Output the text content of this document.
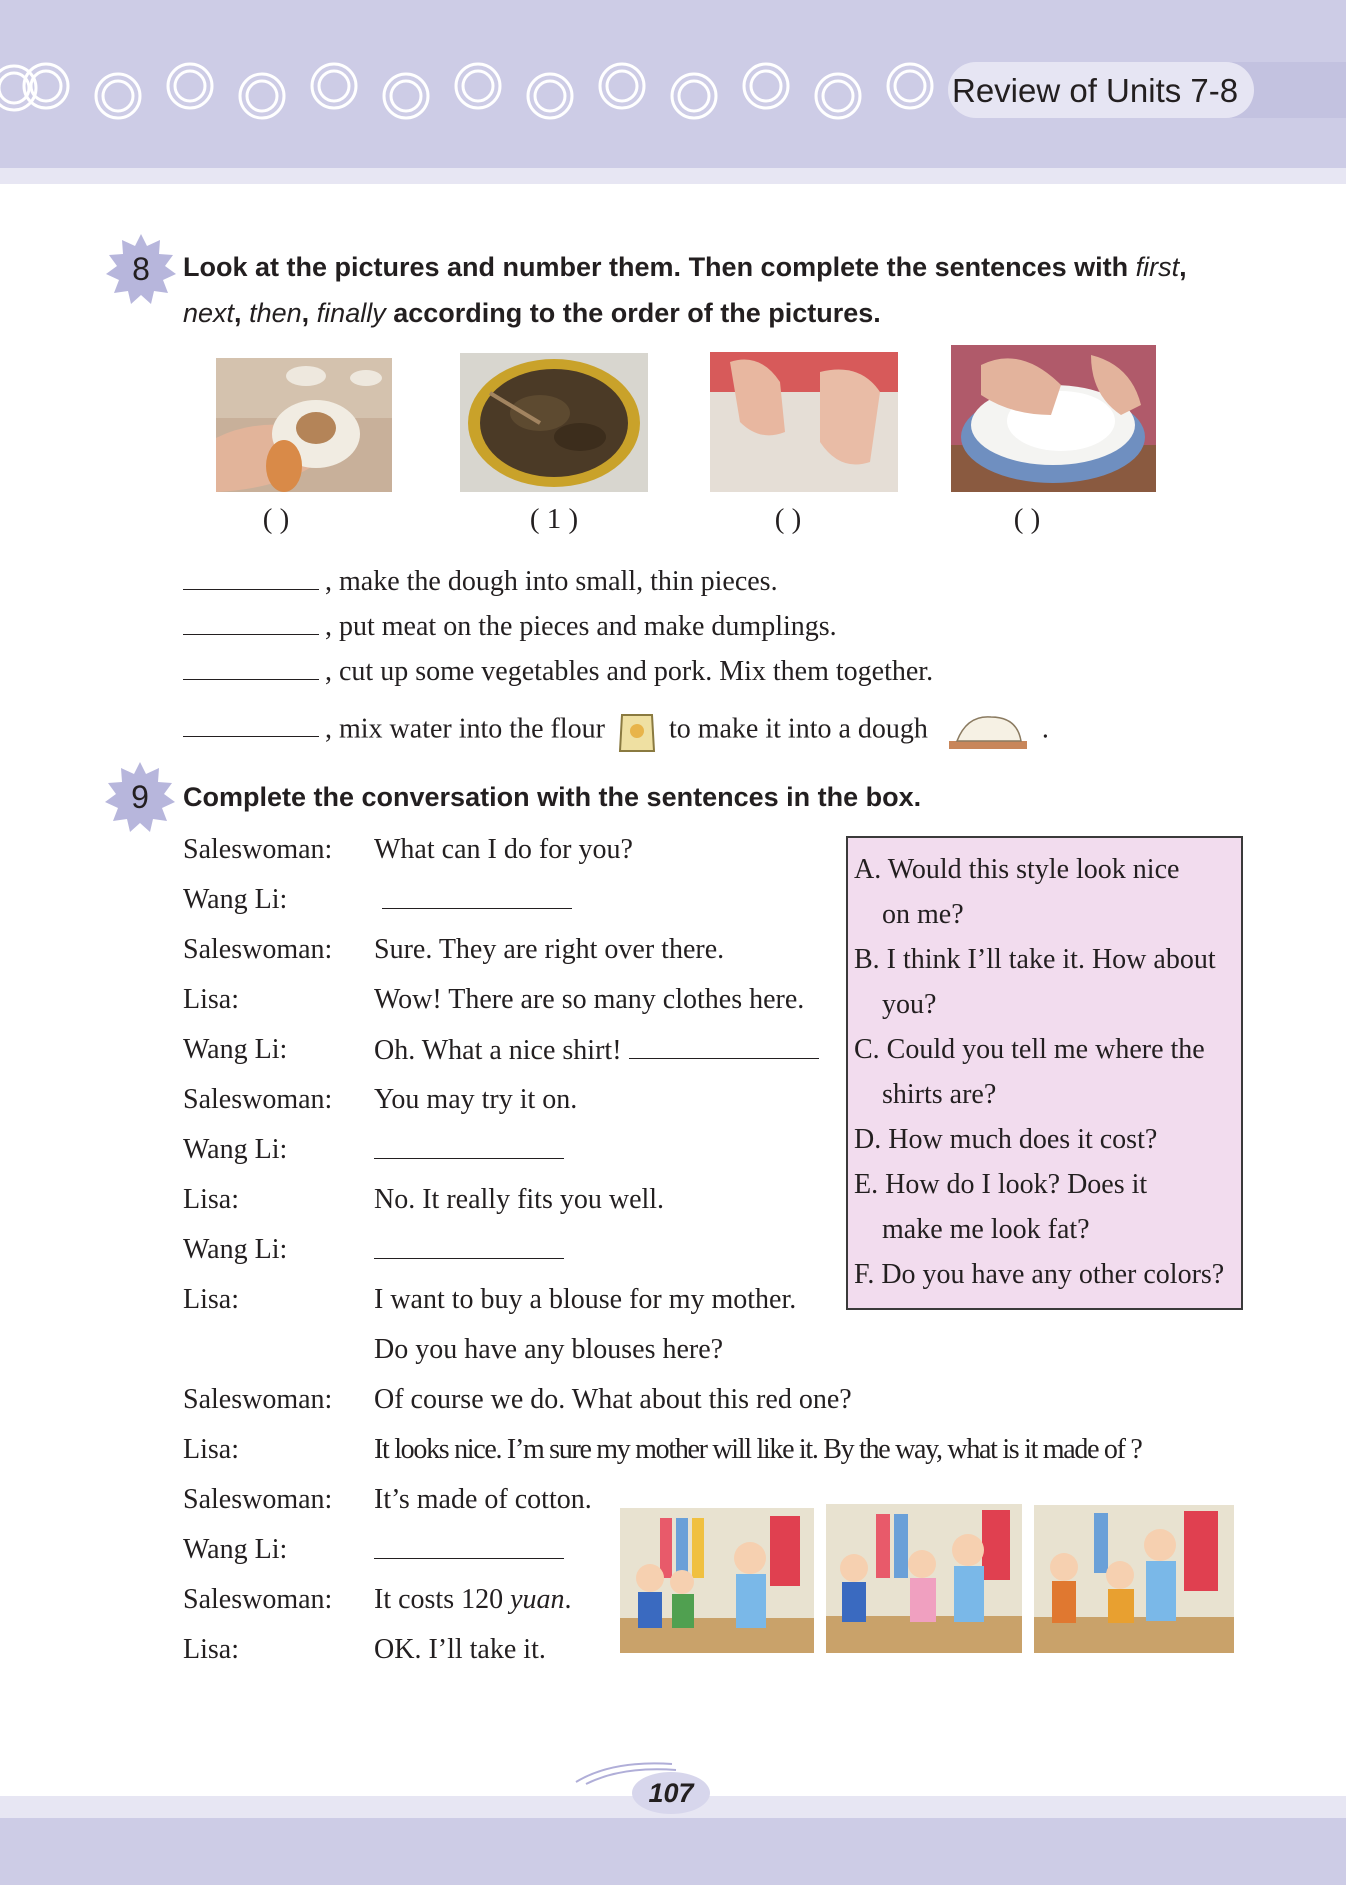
Review of Units 7-8
8	Look at the pictures and number them. Then complete the sentences with first,
next, then, finally according to the order of the pictures.
( )	( 1 )	( )	( )
, make the dough into small, thin pieces.
, put meat on the pieces and make dumplings.
, cut up some vegetables and pork. Mix them together.
, mix water into the flour to make it into a dough	.
9	Complete the conversation with the sentences in the box.
Saleswoman: What can I do for you?
Wang Li:
Saleswoman: Sure. They are right over there.
Lisa:	Wow! There are so many clothes here.
Wang Li:	Oh. What a nice shirt!
Saleswoman: You may try it on.
Wang Li:
Lisa:	No. It really fits you well.
Wang Li:
Lisa:	I want to buy a blouse for my mother.
Do you have any blouses here?
Saleswoman: Of course we do. What about this red one?
Lisa:	It looks nice. I’m sure my mother will like it. By the way, what is it made of ?
Saleswoman: It’s made of cotton.
Wang Li:
Saleswoman: It costs 120 yuan.
Lisa:	OK. I’ll take it.
A. Would this style look nice
on me?
B. I think I’ll take it. How about
you?
C. Could you tell me where the
shirts are?
D. How much does it cost?
E. How do I look? Does it
make me look fat?
F. Do you have any other colors?
107
